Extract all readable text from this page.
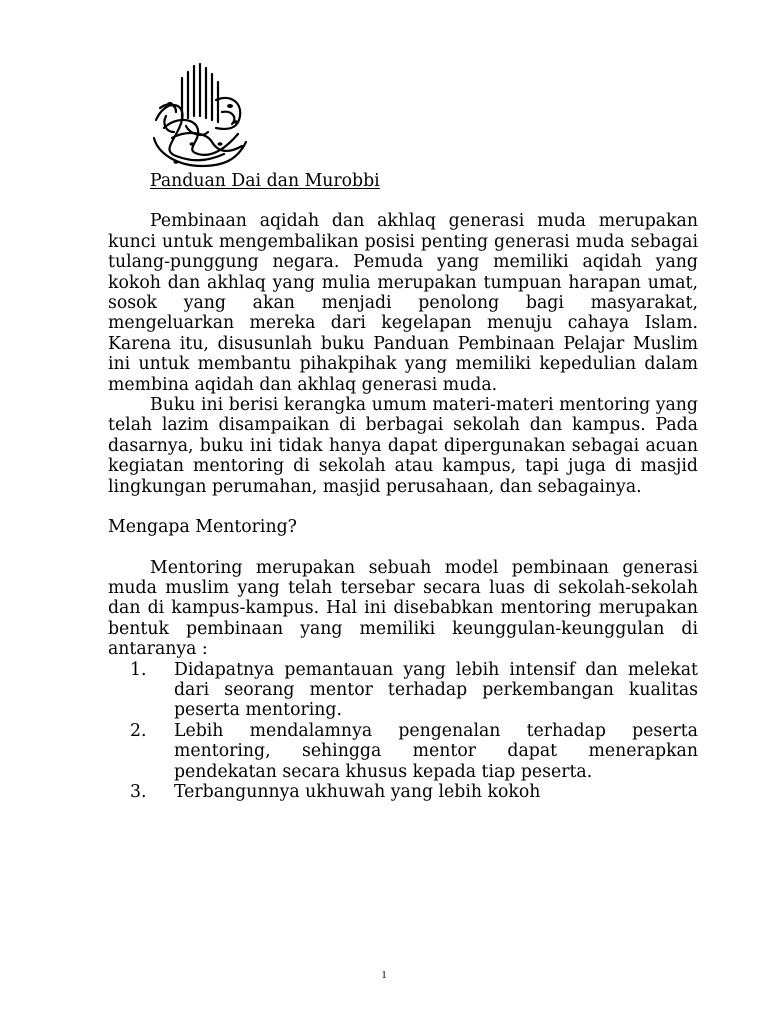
Panduan Dai dan Murobbi

Pembinaan aqidah dan akhlaq generasi muda merupakan kunci untuk mengembalikan posisi penting generasi muda sebagai tulang-punggung negara. Pemuda yang memiliki aqidah yang kokoh dan akhlaq yang mulia merupakan tumpuan harapan umat, sosok yang akan menjadi penolong bagi masyarakat, mengeluarkan mereka dari kegelapan menuju cahaya Islam. Karena itu, disusunlah buku Panduan Pembinaan Pelajar Muslim ini untuk membantu pihakpihak yang memiliki kepedulian dalam membina aqidah dan akhlaq generasi muda.

Buku ini berisi kerangka umum materi-materi mentoring yang telah lazim disampaikan di berbagai sekolah dan kampus. Pada dasarnya, buku ini tidak hanya dapat dipergunakan sebagai acuan kegiatan mentoring di sekolah atau kampus, tapi juga di masjid lingkungan perumahan, masjid perusahaan, dan sebagainya.

Mengapa Mentoring?

Mentoring merupakan sebuah model pembinaan generasi muda muslim yang telah tersebar secara luas di sekolah-sekolah dan di kampus-kampus. Hal ini disebabkan mentoring merupakan bentuk pembinaan yang memiliki keunggulan-keunggulan di antaranya :

1.	Didapatnya pemantauan yang lebih intensif dan melekat dari seorang mentor terhadap perkembangan kualitas peserta mentoring.
2.	Lebih mendalamnya pengenalan terhadap peserta mentoring, sehingga mentor dapat menerapkan pendekatan secara khusus kepada tiap peserta.
3.	Terbangunnya ukhuwah yang lebih kokoh
1
